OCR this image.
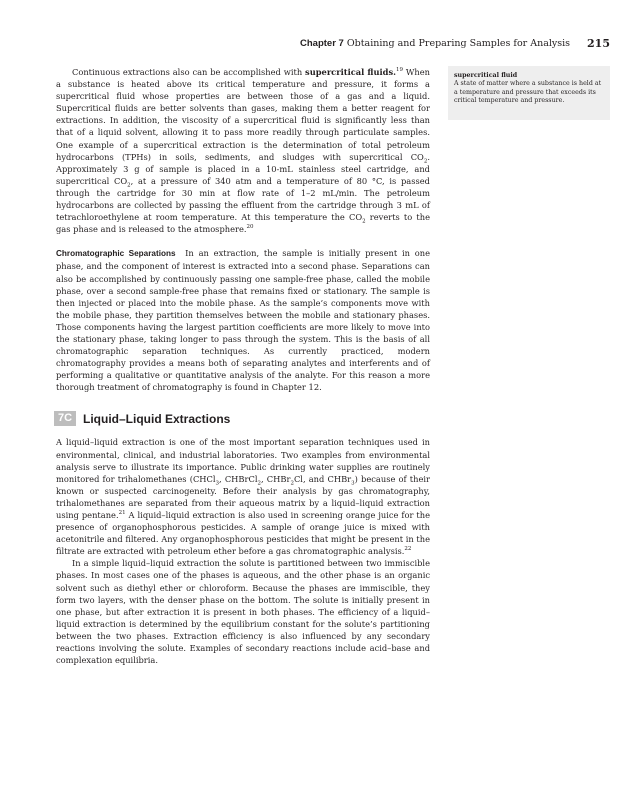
Chapter 7 Obtaining and Preparing Samples for Analysis 215

Continuous extractions also can be accomplished with supercritical fluids.$^{19}$ When a substance is heated above its critical temperature and pressure, it forms a supercritical fluid whose properties are between those of a gas and a liquid. Supercritical fluids are better solvents than gases, making them a better reagent for extractions. In addition, the viscosity of a supercritical fluid is significantly less than that of a liquid solvent, allowing it to pass more readily through particulate samples. One example of a supercritical extraction is the determination of total petroleum hydrocarbons (TPHs) in soils, sediments, and sludges with supercritical $CO_2$. Approximately 3 g of sample is placed in a 10-mL stainless steel cartridge, and supercritical $CO_2$, at a pressure of 340 atm and a temperature of 80 °C, is passed through the cartridge for 30 min at flow rate of 1–2 mL/min. The petroleum hydrocarbons are collected by passing the effluent from the cartridge through 3 mL of tetrachloroethylene at room temperature. At this temperature the $CO_2$ reverts to the gas phase and is released to the atmosphere.$^{20}$

Chromatographic Separations In an extraction, the sample is initially present in one phase, and the component of interest is extracted into a second phase. Separations can also be accomplished by continuously passing one sample-free phase, called the mobile phase, over a second sample-free phase that remains fixed or stationary. The sample is then injected or placed into the mobile phase. As the sample’s components move with the mobile phase, they partition themselves between the mobile and stationary phases. Those components having the largest partition coefficients are more likely to move into the stationary phase, taking longer to pass through the system. This is the basis of all chromatographic separation techniques. As currently practiced, modern chromatography provides a means both of separating analytes and interferents and of performing a qualitative or quantitative analysis of the analyte. For this reason a more thorough treatment of chromatography is found in Chapter 12.

7C Liquid–Liquid Extractions

A liquid–liquid extraction is one of the most important separation techniques used in environmental, clinical, and industrial laboratories. Two examples from environmental analysis serve to illustrate its importance. Public drinking water supplies are routinely monitored for trihalomethanes (CHCl$_3$, CHBrCl$_2$, CHBr$_2$Cl, and CHBr$_3$) because of their known or suspected carcinogeneity. Before their analysis by gas chromatography, trihalomethanes are separated from their aqueous matrix by a liquid–liquid extraction using pentane.$^{21}$ A liquid–liquid extraction is also used in screening orange juice for the presence of organophosphorous pesticides. A sample of orange juice is mixed with acetonitrile and filtered. Any organophosphorous pesticides that might be present in the filtrate are extracted with petroleum ether before a gas chromatographic analysis.$^{22}$

In a simple liquid–liquid extraction the solute is partitioned between two immiscible phases. In most cases one of the phases is aqueous, and the other phase is an organic solvent such as diethyl ether or chloroform. Because the phases are immiscible, they form two layers, with the denser phase on the bottom. The solute is initially present in one phase, but after extraction it is present in both phases. The efficiency of a liquid–liquid extraction is determined by the equilibrium constant for the solute’s partitioning between the two phases. Extraction efficiency is also influenced by any secondary reactions involving the solute. Examples of secondary reactions include acid–base and complexation equilibria.

supercritical fluid
A state of matter where a substance is held at a temperature and pressure that exceeds its critical temperature and pressure.
